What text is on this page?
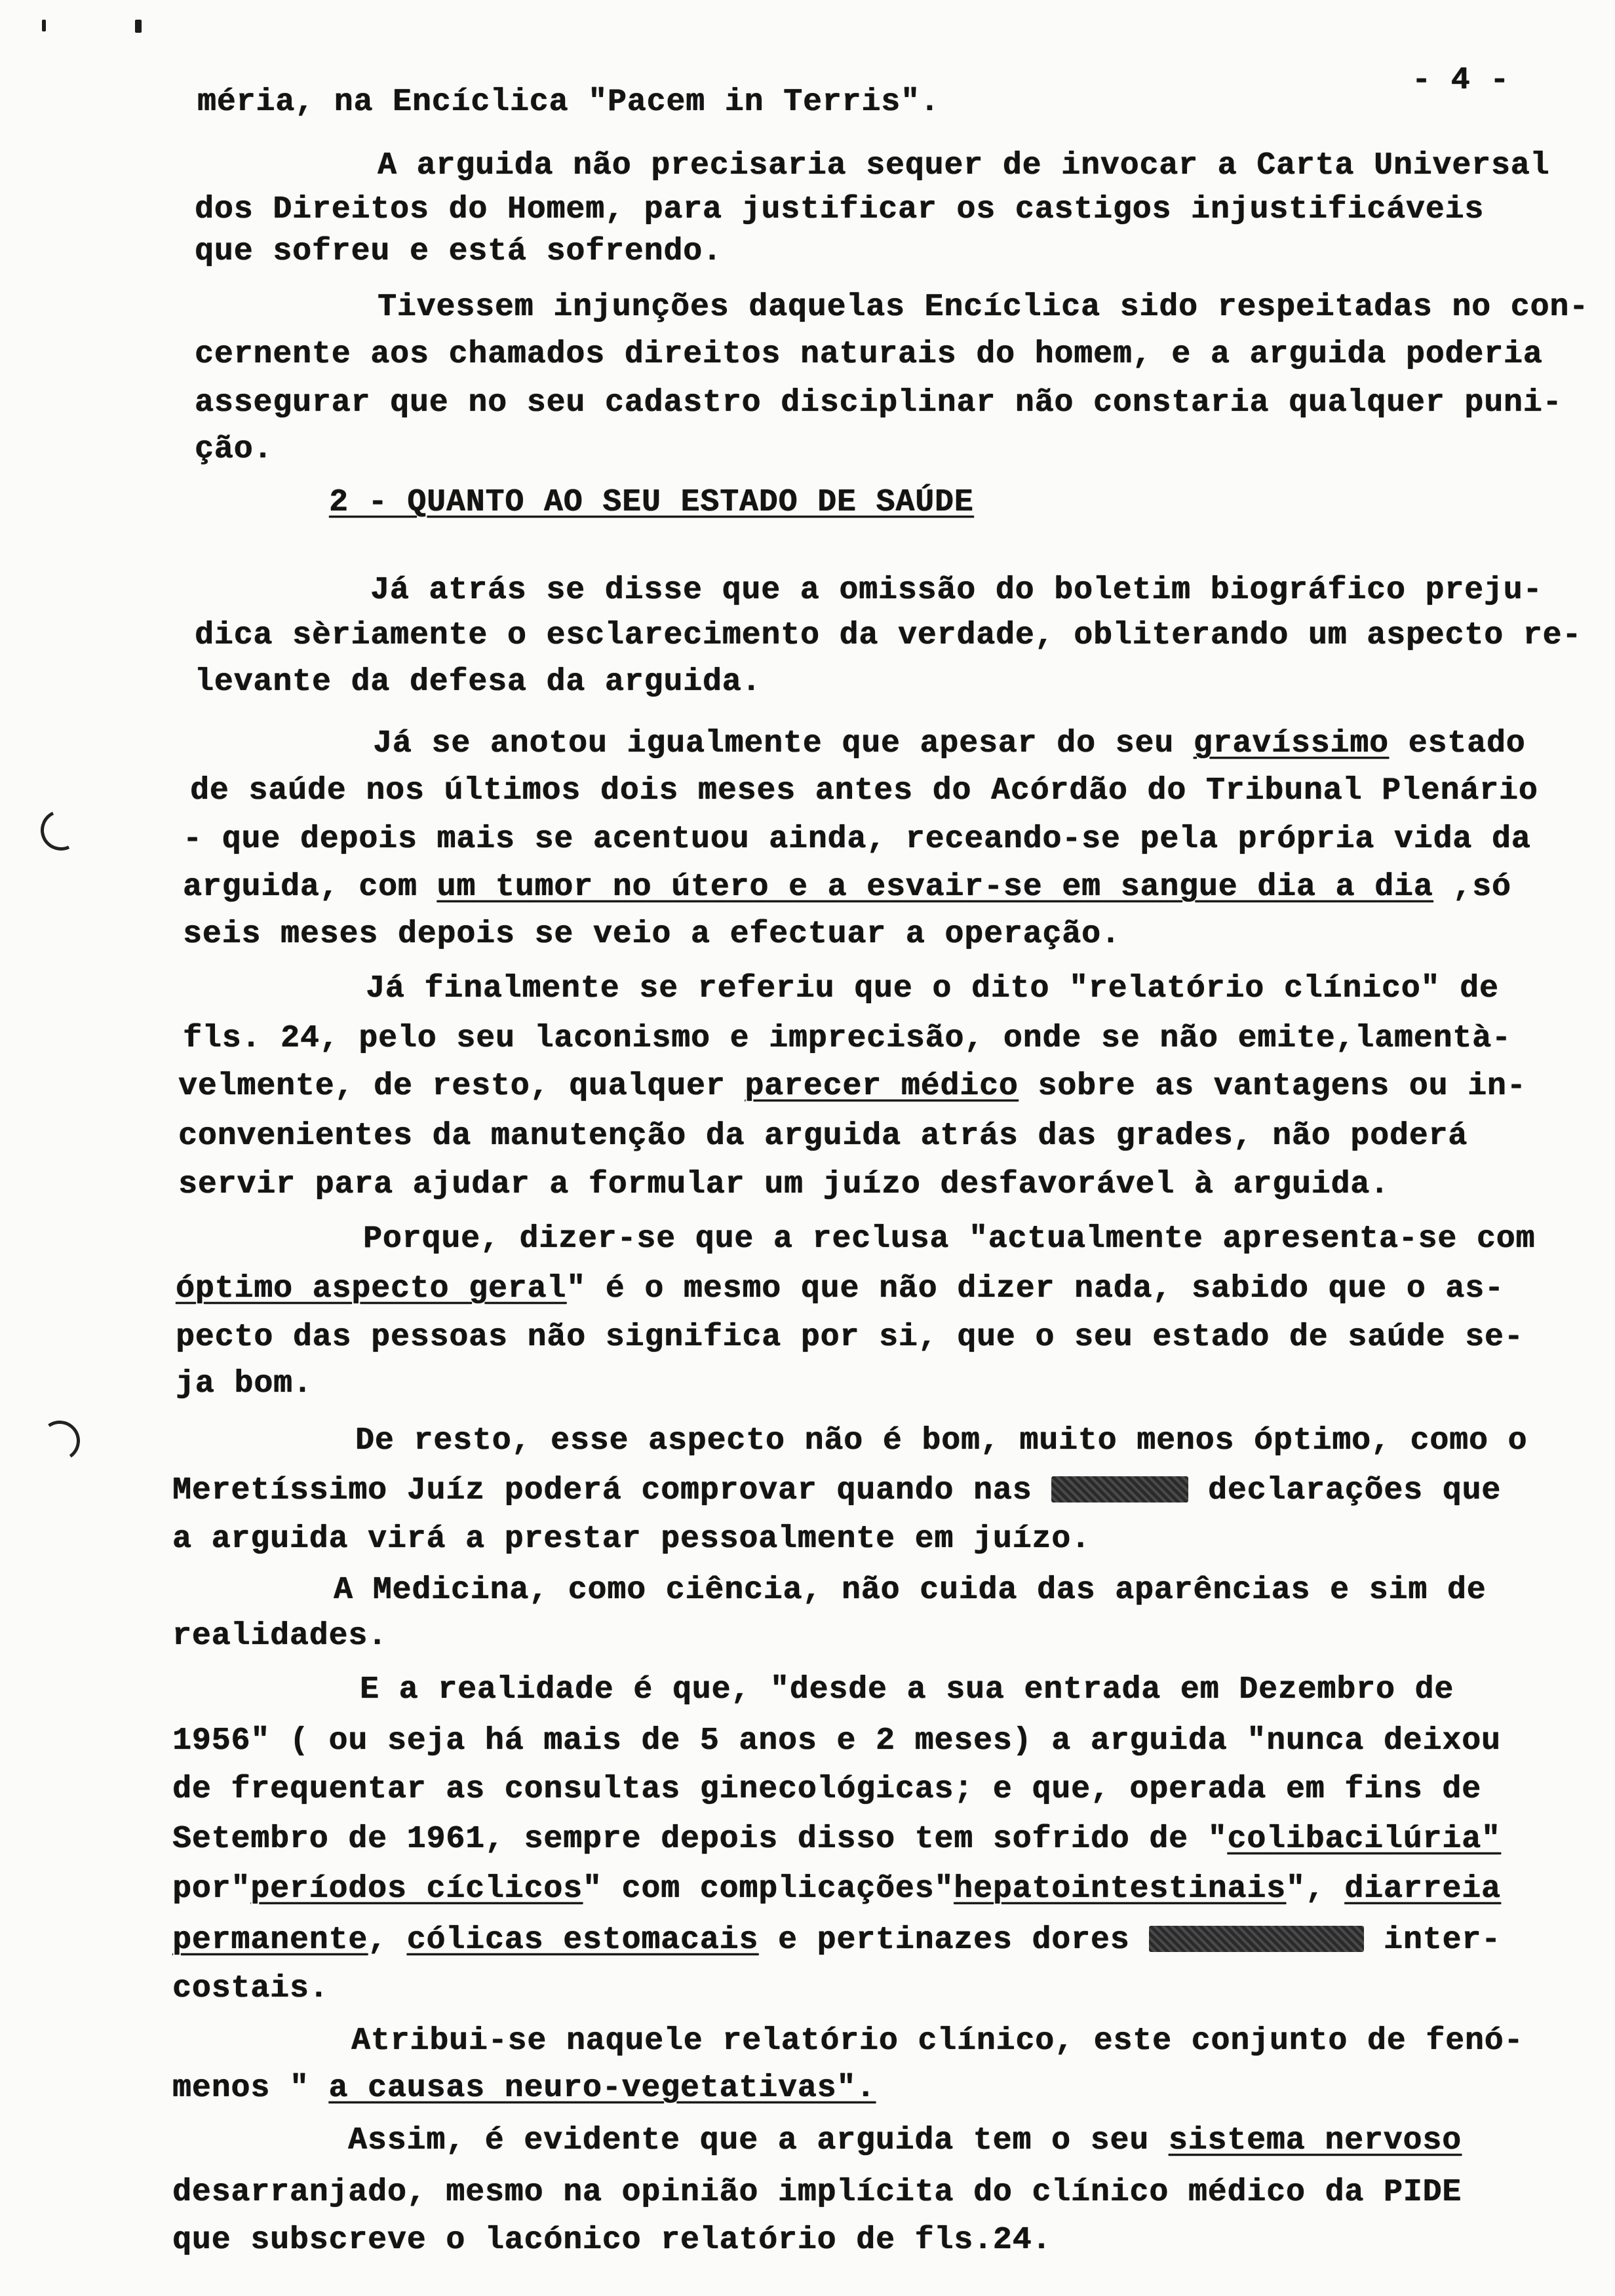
- 4 -
méria, na Encíclica "Pacem in Terris".
A arguida não precisaria sequer de invocar a Carta Universal
dos Direitos do Homem, para justificar os castigos injustificáveis
que sofreu e está sofrendo.
Tivessem injunções daquelas Encíclica sido respeitadas no con-
cernente aos chamados direitos naturais do homem, e a arguida poderia
assegurar que no seu cadastro disciplinar não constaria qualquer puni-
ção.
2 - QUANTO AO SEU ESTADO DE SAÚDE
Já atrás se disse que a omissão do boletim biográfico preju-
dica sèriamente o esclarecimento da verdade, obliterando um aspecto re-
levante da defesa da arguida.
Já se anotou igualmente que apesar do seu gravíssimo estado
de saúde nos últimos dois meses antes do Acórdão do Tribunal Plenário
- que depois mais se acentuou ainda, receando-se pela própria vida da
arguida, com um tumor no útero e a esvair-se em sangue dia a dia ,só
seis meses depois se veio a efectuar a operação.
Já finalmente se referiu que o dito "relatório clínico" de
fls. 24, pelo seu laconismo e imprecisão, onde se não emite,lamentà-
velmente, de resto, qualquer parecer médico sobre as vantagens ou in-
convenientes da manutenção da arguida atrás das grades, não poderá
servir para ajudar a formular um juízo desfavorável à arguida.
Porque, dizer-se que a reclusa "actualmente apresenta-se com
óptimo aspecto geral" é o mesmo que não dizer nada, sabido que o as-
pecto das pessoas não significa por si, que o seu estado de saúde se-
ja bom.
De resto, esse aspecto não é bom, muito menos óptimo, como o
Meretíssimo Juíz poderá comprovar quando nas	declarações que
a arguida virá a prestar pessoalmente em juízo.
A Medicina, como ciência, não cuida das aparências e sim de
realidades.
E a realidade é que, "desde a sua entrada em Dezembro de
1956" ( ou seja há mais de 5 anos e 2 meses) a arguida "nunca deixou
de frequentar as consultas ginecológicas; e que, operada em fins de
Setembro de 1961, sempre depois disso tem sofrido de "colibacilúria"
por"períodos cíclicos" com complicações"hepatointestinais", diarreia
permanente, cólicas estomacais e pertinazes dores	inter-
costais.
Atribui-se naquele relatório clínico, este conjunto de fenó-
menos " a causas neuro-vegetativas".
Assim, é evidente que a arguida tem o seu sistema nervoso
desarranjado, mesmo na opinião implícita do clínico médico da PIDE
que subscreve o lacónico relatório de fls.24.
